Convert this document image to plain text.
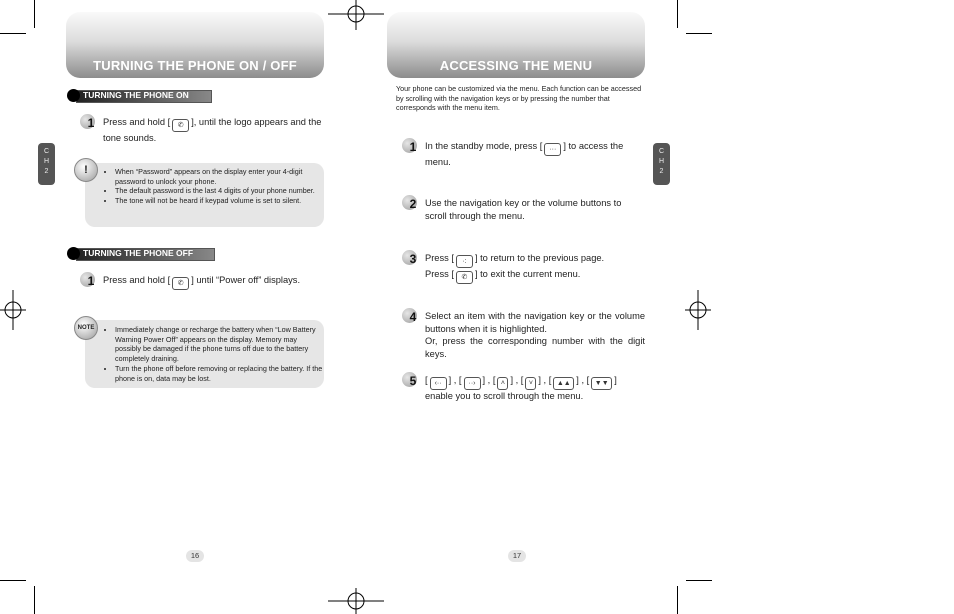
TURNING THE PHONE ON / OFF
C
H
2
TURNING THE PHONE ON
1 Press and hold [ ✆ ], until the logo appears and the tone sounds.
• When “Password” appears on the display enter your 4-digit password to unlock your phone.
• The default password is the last 4 digits of your phone number.
• The tone will not be heard if keypad volume is set to silent.
!
TURNING THE PHONE OFF
1 Press and hold [ ✆ ] until “Power off” displays.
• Immediately change or recharge the battery when “Low Battery Warning Power Off” appears on the display. Memory may possibly be damaged if the phone turns off due to the battery completely draining.
• Turn the phone off before removing or replacing the battery. If the phone is on, data may be lost.
NOTE
16
ACCESSING THE MENU
Your phone can be customized via the menu. Each function can be accessed by scrolling with the navigation keys or by pressing the number that corresponds with the menu item.
C
H
2
1 In the standby mode, press [ ··· ] to access the menu.
2 Use the navigation key or the volume buttons to scroll through the menu.
3 Press [ ·: ] to return to the previous page.
Press [ ✆ ] to exit the current menu.
4 Select an item with the navigation key or the volume buttons when it is highlighted.
Or, press the corresponding number with the digit keys.
5 [ ‹·· ] , [ ··› ] , [ ˄ ] , [ ˅ ] , [ ▲▲ ] , [ ▼▼ ] enable you to scroll through the menu.
17
